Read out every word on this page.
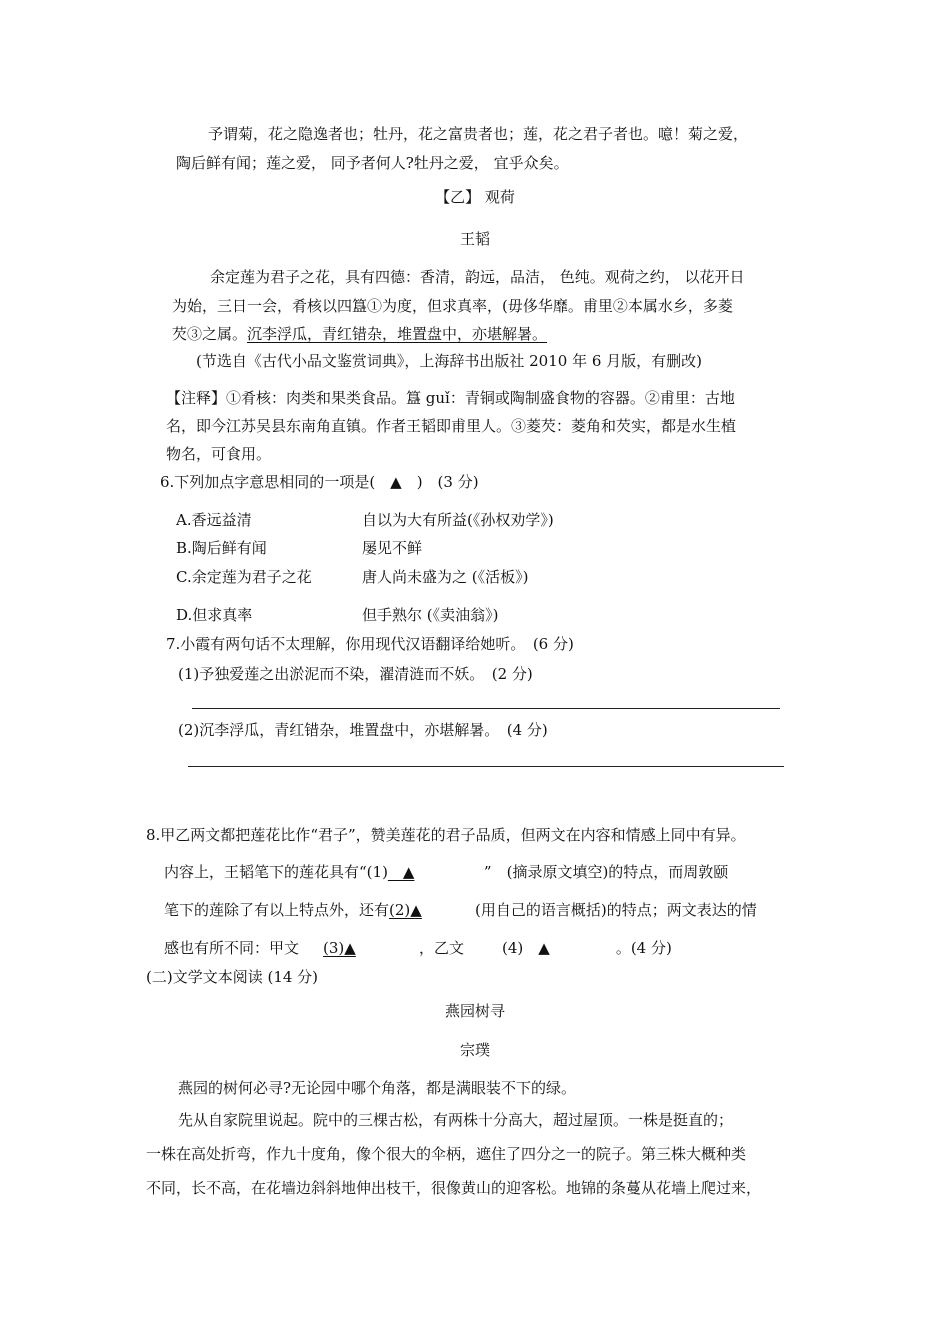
予谓菊，花之隐逸者也；牡丹，花之富贵者也；莲，花之君子者也。噫！菊之爱，
陶后鲜有闻；莲之爱， 同予者何人?牡丹之爱， 宜乎众矣。
【乙】 观荷
王韬
余定莲为君子之花，具有四德：香清，韵远，品洁， 色纯。观荷之约， 以花开日
为始，三日一会，肴核以四簋①为度，但求真率，(毋侈华靡。甫里②本属水乡，多菱
芡③之属。沉李浮瓜，青红错杂，堆置盘中，亦堪解暑。
(节选自《古代小品文鉴赏词典》，上海辞书出版社 2010 年 6 月版，有删改)
【注释】①肴核：肉类和果类食品。簋 guǐ：青铜或陶制盛食物的容器。②甫里：古地
名，即今江苏吴县东南角直镇。作者王韬即甫里人。③菱芡：菱角和芡实，都是水生植
物名，可食用。
6.下列加点字意思相同的一项是(　▲　)　(3 分)
A.香远益清	自以为大有所益(《孙权劝学》)
B.陶后鲜有闻	屡见不鲜
C.余定莲为君子之花	唐人尚未盛为之 (《活板》)
D.但求真率	但手熟尔 (《卖油翁》)
7.小霞有两句话不太理解，你用现代汉语翻译给她听。　(6 分)
(1)予独爱莲之出淤泥而不染，濯清涟而不妖。　(2 分)
(2)沉李浮瓜，青红错杂，堆置盘中，亦堪解暑。　(4 分)
8.甲乙两文都把莲花比作“君子”，赞美莲花的君子品质，但两文在内容和情感上同中有异。
内容上，王韬笔下的莲花具有“(1)__▲	”　(摘录原文填空)的特点，而周敦颐
笔下的莲除了有以上特点外，还有(2)▲	(用自己的语言概括)的特点；两文表达的情
感也有所不同：甲文 (3)▲	，乙文	(4)　▲	。(4 分)
(二)文学文本阅读 (14 分)
燕园树寻
宗璞
燕园的树何必寻?无论园中哪个角落，都是满眼装不下的绿。
先从自家院里说起。院中的三棵古松，有两株十分高大，超过屋顶。一株是挺直的；
一株在高处折弯，作九十度角，像个很大的伞柄，遮住了四分之一的院子。第三株大概种类
不同，长不高，在花墙边斜斜地伸出枝干，很像黄山的迎客松。地锦的条蔓从花墙上爬过来，
